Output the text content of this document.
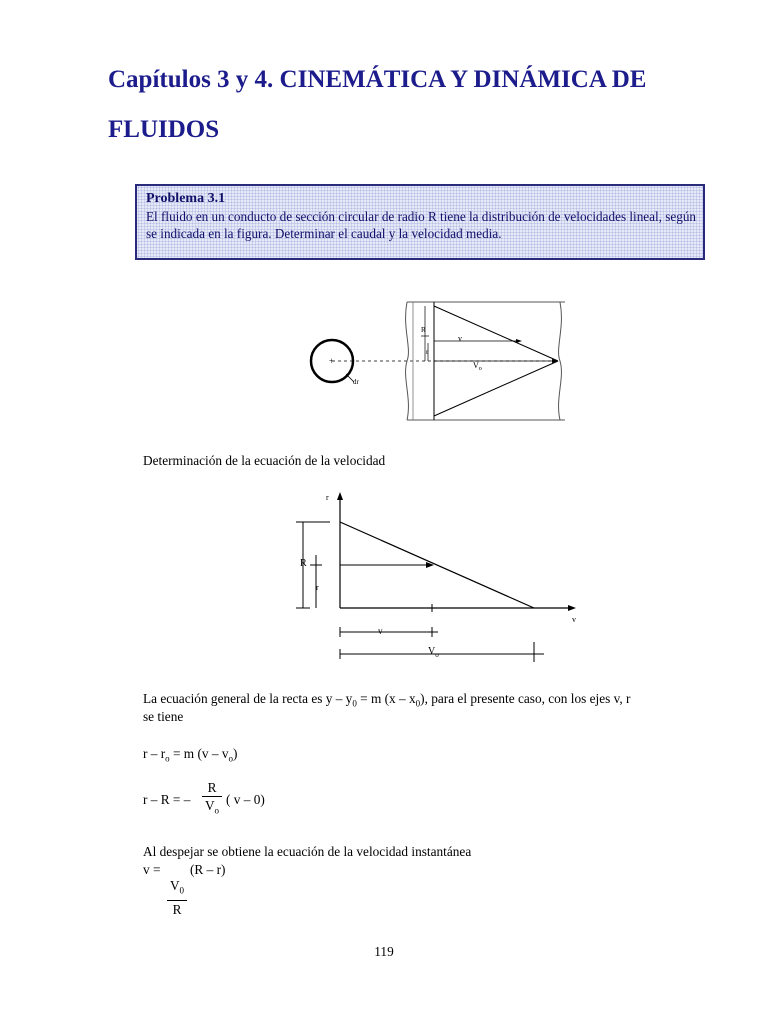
Capítulos 3 y 4. CINEMÁTICA Y DINÁMICA DE
FLUIDOS
Problema 3.1
El fluido en un conducto de sección circular de radio R tiene la distribución de velocidades lineal, según se indicada en la figura. Determinar el caudal y la velocidad media.
+
dr
v
$V_o$
R
r
Determinación de la ecuación de la velocidad
r
v
R
r
v
$V_o$
La ecuación general de la recta es $y - y_0 = m$ $(x - x_0)$, para el presente caso, con los ejes v, r
se tiene
$r - r_o = m$ $(v - v_o)$
r – R = –
R
$V_o$
( v – 0)
Al despejar se obtiene la ecuación de la velocidad instantánea
v =
$V_0$
R
(R – r)
119
